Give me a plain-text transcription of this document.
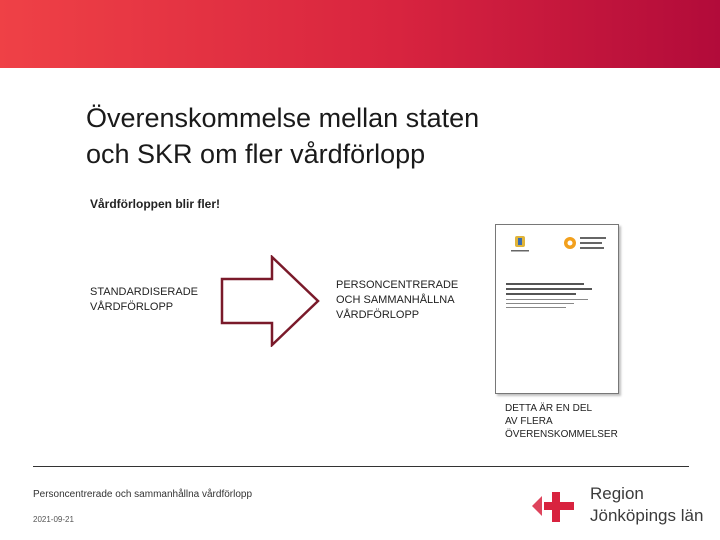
Överenskommelse mellan staten
och SKR om fler vårdförlopp
Vårdförloppen blir fler!
STANDARDISERADE
VÅRDFÖRLOPP
PERSONCENTRERADE
OCH SAMMANHÅLLNA
VÅRDFÖRLOPP
DETTA ÄR EN DEL
AV FLERA
ÖVERENSKOMMELSER
Personcentrerade och sammanhållna vårdförlopp
2021-09-21
Region
Jönköpings län
